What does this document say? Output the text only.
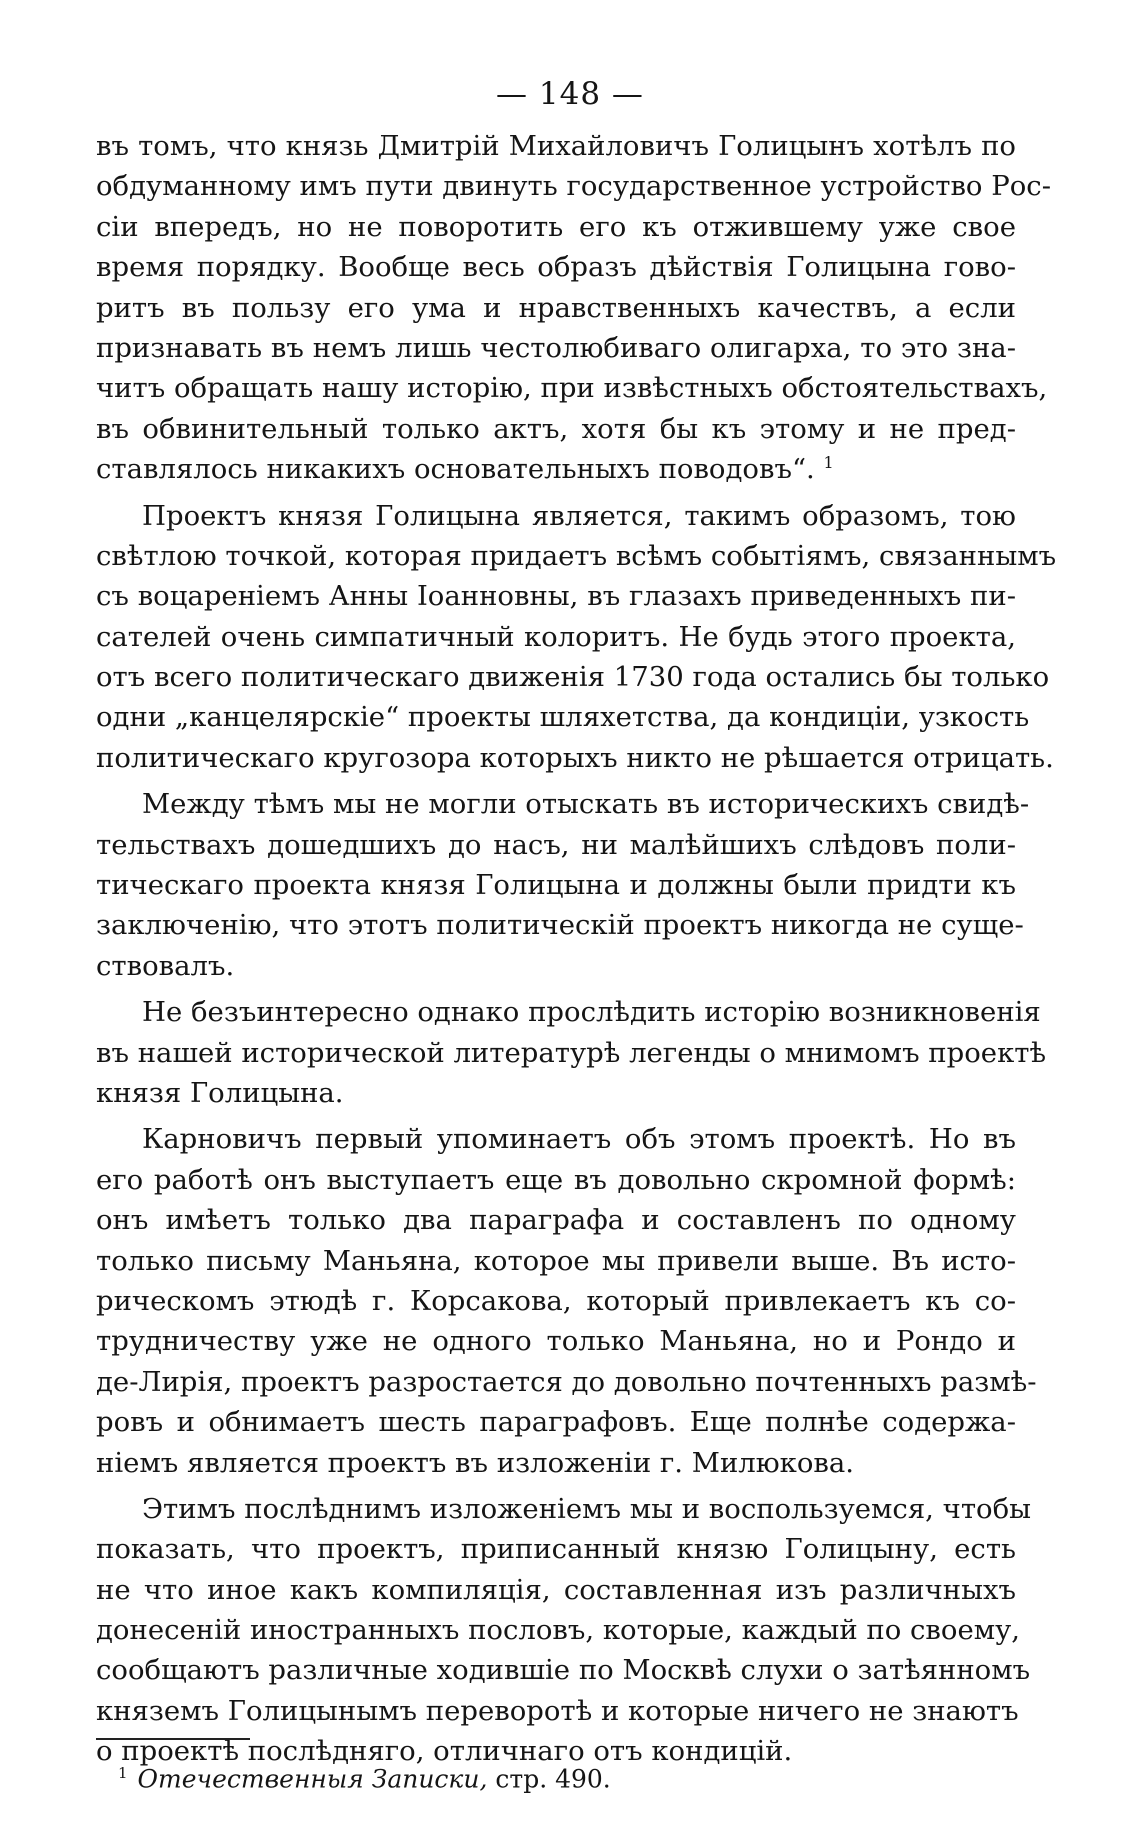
— 148 —
въ томъ, что князь Дмитрій Михайловичъ Голицынъ хотѣлъ по
обдуманному имъ пути двинуть государственное устройство Рос-
сіи впередъ, но не поворотить его къ отжившему уже свое
время порядку. Вообще весь образъ дѣйствія Голицына гово-
ритъ въ пользу его ума и нравственныхъ качествъ, а если
признавать въ немъ лишь честолюбиваго олигарха, то это зна-
читъ обращать нашу исторію, при извѣстныхъ обстоятельствахъ,
въ обвинительный только актъ, хотя бы къ этому и не пред-
ставлялось никакихъ основательныхъ поводовъ“. $^1$
Проектъ князя Голицына является, такимъ образомъ, тою
свѣтлою точкой, которая придаетъ всѣмъ событіямъ, связаннымъ
съ воцареніемъ Анны Іоанновны, въ глазахъ приведенныхъ пи-
сателей очень симпатичный колоритъ. Не будь этого проекта,
отъ всего политическаго движенія 1730 года остались бы только
одни „канцелярскіе“ проекты шляхетства, да кондиціи, узкость
политическаго кругозора которыхъ никто не рѣшается отрицать.
Между тѣмъ мы не могли отыскать въ историческихъ свидѣ-
тельствахъ дошедшихъ до насъ, ни малѣйшихъ слѣдовъ поли-
тическаго проекта князя Голицына и должны были придти къ
заключенію, что этотъ политическій проектъ никогда не суще-
ствовалъ.
Не безъинтересно однако прослѣдить исторію возникновенія
въ нашей исторической литературѣ легенды о мнимомъ проектѣ
князя Голицына.
Карновичъ первый упоминаетъ объ этомъ проектѣ. Но въ
его работѣ онъ выступаетъ еще въ довольно скромной формѣ:
онъ имѣетъ только два параграфа и составленъ по одному
только письму Маньяна, которое мы привели выше. Въ исто-
рическомъ этюдѣ г. Корсакова, который привлекаетъ къ со-
трудничеству уже не одного только Маньяна, но и Рондо и
де-Лирія, проектъ разростается до довольно почтенныхъ размѣ-
ровъ и обнимаетъ шесть параграфовъ. Еще полнѣе содержа-
ніемъ является проектъ въ изложеніи г. Милюкова.
Этимъ послѣднимъ изложеніемъ мы и воспользуемся, чтобы
показать, что проектъ, приписанный князю Голицыну, есть
не что иное какъ компиляція, составленная изъ различныхъ
донесеній иностранныхъ пословъ, которые, каждый по своему,
сообщаютъ различные ходившіе по Москвѣ слухи о затѣянномъ
княземъ Голицынымъ переворотѣ и которые ничего не знаютъ
о проектѣ послѣдняго, отличнаго отъ кондицій.
$^1$ Отечественныя Записки, стр. 490.
